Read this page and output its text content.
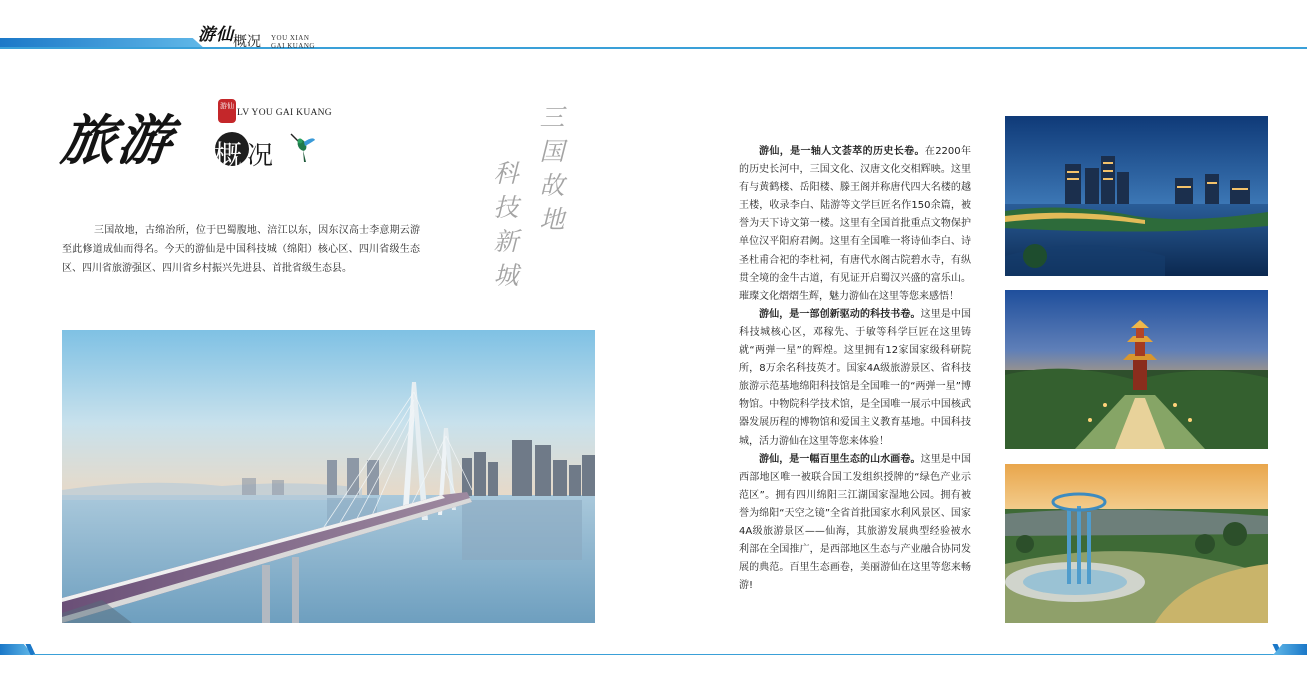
游仙 概况 YOU XIAN
GAI KUANG
旅游
游仙
概 况
LV YOU GAI KUANG	三国故地
科技新城
三国故地，古绵治所，位于巴蜀腹地、涪江以东，因东汉高士李意期云游至此修道成仙而得名。今天的游仙是中国科技城（绵阳）核心区、四川省级生态区、四川省旅游强区、四川省乡村振兴先进县、首批省级生态县。

游仙，是一轴人文荟萃的历史长卷。在2200年的历史长河中，三国文化、汉唐文化交相辉映。这里有与黄鹤楼、岳阳楼、滕王阁并称唐代四大名楼的越王楼，收录李白、陆游等文学巨匠名作150余篇，被誉为天下诗文第一楼。这里有全国首批重点文物保护单位汉平阳府君阙。这里有全国唯一将诗仙李白、诗圣杜甫合祀的李杜祠，有唐代水阁古院碧水寺，有纵贯全境的金牛古道，有见证开启蜀汉兴盛的富乐山。璀璨文化熠熠生辉，魅力游仙在这里等您来感悟！

游仙，是一部创新驱动的科技书卷。这里是中国科技城核心区，邓稼先、于敏等科学巨匠在这里铸就“两弹一星”的辉煌。这里拥有12家国家级科研院所，8万余名科技英才。国家4A级旅游景区、省科技旅游示范基地绵阳科技馆是全国唯一的“两弹一星”博物馆。中物院科学技术馆，是全国唯一展示中国核武器发展历程的博物馆和爱国主义教育基地。中国科技城，活力游仙在这里等您来体验！

游仙，是一幅百里生态的山水画卷。这里是中国西部地区唯一被联合国工发组织授牌的“绿色产业示范区”。拥有四川绵阳三江湖国家湿地公园。拥有被誉为绵阳“天空之镜”全省首批国家水利风景区、国家4A级旅游景区——仙海，其旅游发展典型经验被水利部在全国推广，是西部地区生态与产业融合协同发展的典范。百里生态画卷，美丽游仙在这里等您来畅游!
